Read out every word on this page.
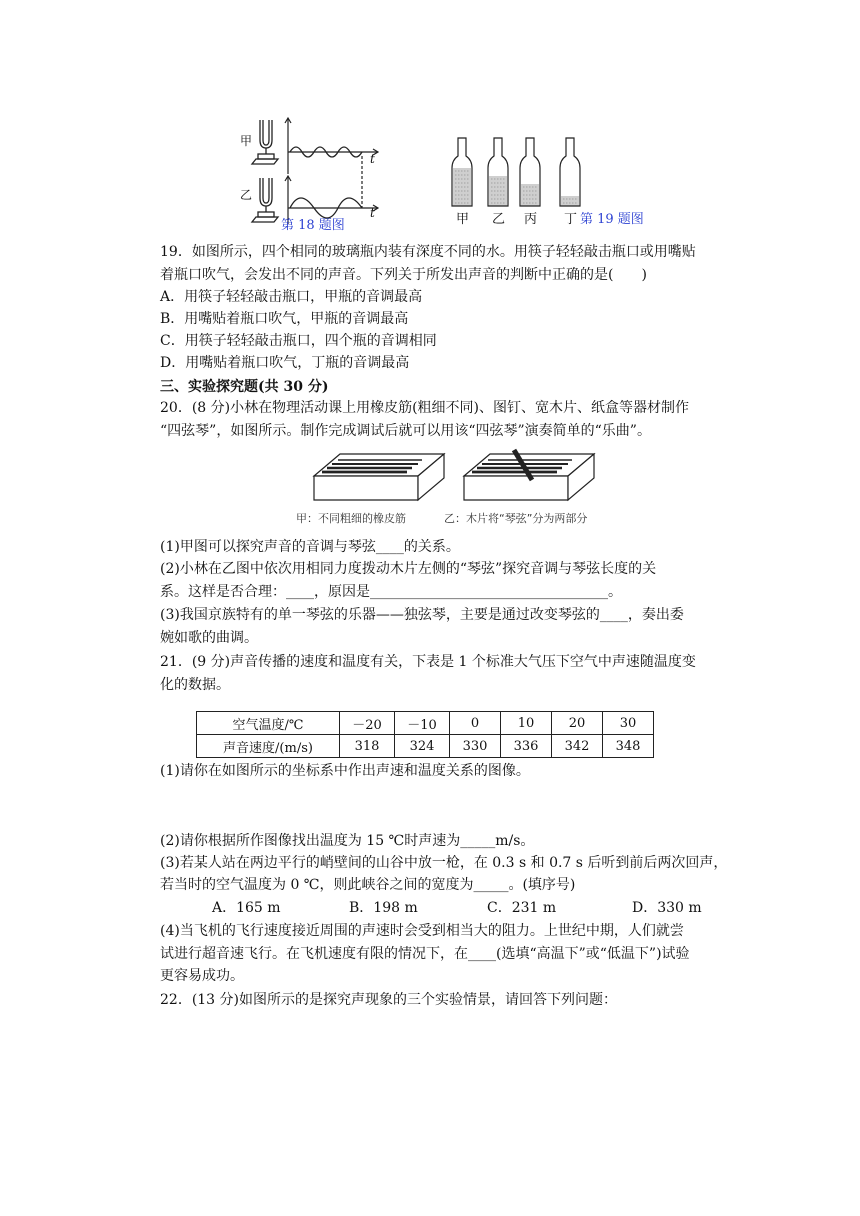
甲
乙
t
t
第 18 题图	甲 乙 丙 丁 第 19 题图
19．如图所示，四个相同的玻璃瓶内装有深度不同的水。用筷子轻轻敲击瓶口或用嘴贴
着瓶口吹气，会发出不同的声音。下列关于所发出声音的判断中正确的是(　　)
A．用筷子轻轻敲击瓶口，甲瓶的音调最高
B．用嘴贴着瓶口吹气，甲瓶的音调最高
C．用筷子轻轻敲击瓶口，四个瓶的音调相同
D．用嘴贴着瓶口吹气，丁瓶的音调最高
三、实验探究题(共 30 分)
20．(8 分)小林在物理活动课上用橡皮筋(粗细不同)、图钉、宽木片、纸盒等器材制作
“四弦琴”，如图所示。制作完成调试后就可以用该“四弦琴”演奏简单的“乐曲”。
甲：不同粗细的橡皮筋	乙：木片将“琴弦”分为两部分
(1)甲图可以探究声音的音调与琴弦____的关系。
(2)小林在乙图中依次用相同力度拨动木片左侧的“琴弦”探究音调与琴弦长度的关
系。这样是否合理：____，原因是__________________________________。
(3)我国京族特有的单一琴弦的乐器——独弦琴，主要是通过改变琴弦的____，奏出委
婉如歌的曲调。
21．(9 分)声音传播的速度和温度有关，下表是 1 个标准大气压下空气中声速随温度变
化的数据。
空气温度/℃	－20	－10	0	10	20	30
声音速度/(m/s)	318	324	330	336	342	348
(1)请你在如图所示的坐标系中作出声速和温度关系的图像。
(2)请你根据所作图像找出温度为 15 ℃时声速为_____m/s。
(3)若某人站在两边平行的峭壁间的山谷中放一枪，在 0.3 s 和 0.7 s 后听到前后两次回声，
若当时的空气温度为 0 ℃，则此峡谷之间的宽度为_____。(填序号)
A．165 m	B．198 m	C．231 m	D．330 m
(4)当飞机的飞行速度接近周围的声速时会受到相当大的阻力。上世纪中期，人们就尝
试进行超音速飞行。在飞机速度有限的情况下，在____(选填“高温下”或“低温下”)试验
更容易成功。
22．(13 分)如图所示的是探究声现象的三个实验情景，请回答下列问题：
